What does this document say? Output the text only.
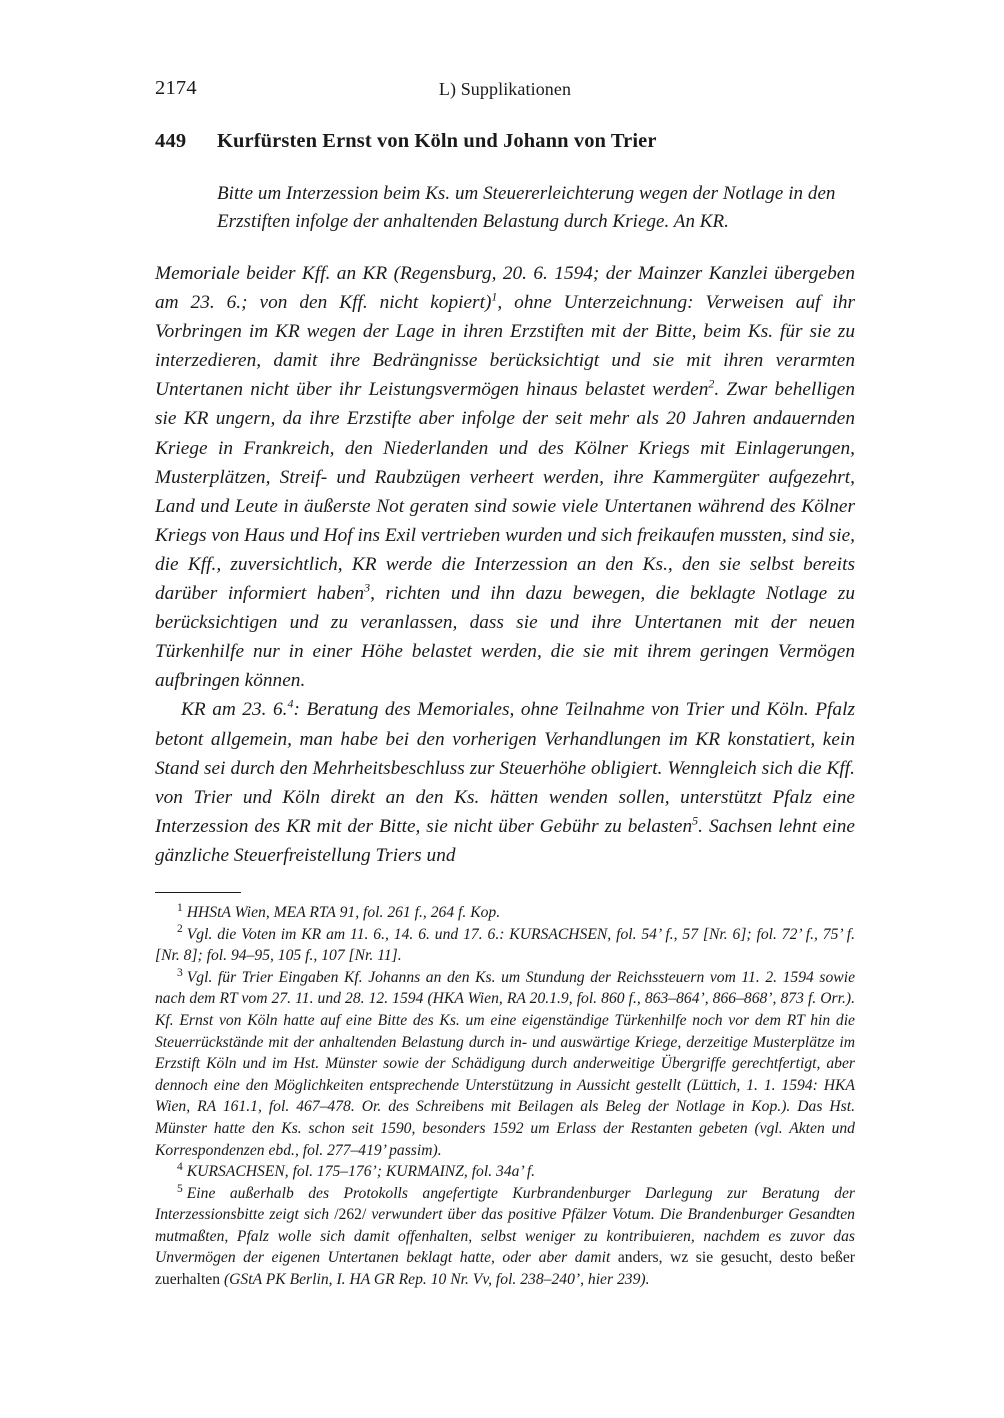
2174	L) Supplikationen
449	Kurfürsten Ernst von Köln und Johann von Trier
Bitte um Interzession beim Ks. um Steuererleichterung wegen der Notlage in den Erzstiften infolge der anhaltenden Belastung durch Kriege. An KR.

Memoriale beider Kff. an KR (Regensburg, 20. 6. 1594; der Mainzer Kanzlei übergeben am 23. 6.; von den Kff. nicht kopiert)$^1$, ohne Unterzeichnung: Verweisen auf ihr Vorbringen im KR wegen der Lage in ihren Erzstiften mit der Bitte, beim Ks. für sie zu interzedieren, damit ihre Bedrängnisse berücksichtigt und sie mit ihren verarmten Untertanen nicht über ihr Leistungsvermögen hinaus belastet werden$^2$. Zwar behelligen sie KR ungern, da ihre Erzstifte aber infolge der seit mehr als 20 Jahren andauernden Kriege in Frankreich, den Niederlanden und des Kölner Kriegs mit Einlagerungen, Musterplätzen, Streif- und Raubzügen verheert werden, ihre Kammergüter aufgezehrt, Land und Leute in äußerste Not geraten sind sowie viele Untertanen während des Kölner Kriegs von Haus und Hof ins Exil vertrieben wurden und sich freikaufen mussten, sind sie, die Kff., zuversichtlich, KR werde die Interzession an den Ks., den sie selbst bereits darüber informiert haben$^3$, richten und ihn dazu bewegen, die beklagte Notlage zu berücksichtigen und zu veranlassen, dass sie und ihre Untertanen mit der neuen Türkenhilfe nur in einer Höhe belastet werden, die sie mit ihrem geringen Vermögen aufbringen können.

KR am 23. 6.$^4$: Beratung des Memoriales, ohne Teilnahme von Trier und Köln. Pfalz betont allgemein, man habe bei den vorherigen Verhandlungen im KR konstatiert, kein Stand sei durch den Mehrheitsbeschluss zur Steuerhöhe obligiert. Wenngleich sich die Kff. von Trier und Köln direkt an den Ks. hätten wenden sollen, unterstützt Pfalz eine Interzession des KR mit der Bitte, sie nicht über Gebühr zu belasten$^5$. Sachsen lehnt eine gänzliche Steuerfreistellung Triers und

$^1$ HHStA Wien, MEA RTA 91, fol. 261 f., 264 f. Kop.

$^2$ Vgl. die Voten im KR am 11. 6., 14. 6. und 17. 6.: KURSACHSEN, fol. 54’ f., 57 [Nr. 6]; fol. 72’ f., 75’ f. [Nr. 8]; fol. 94–95, 105 f., 107 [Nr. 11].

$^3$ Vgl. für Trier Eingaben Kf. Johanns an den Ks. um Stundung der Reichssteuern vom 11. 2. 1594 sowie nach dem RT vom 27. 11. und 28. 12. 1594 (HKA Wien, RA 20.1.9, fol. 860 f., 863–864’, 866–868’, 873 f. Orr.). Kf. Ernst von Köln hatte auf eine Bitte des Ks. um eine eigenständige Türkenhilfe noch vor dem RT hin die Steuerrückstände mit der anhaltenden Belastung durch in- und auswärtige Kriege, derzeitige Musterplätze im Erzstift Köln und im Hst. Münster sowie der Schädigung durch anderweitige Übergriffe gerechtfertigt, aber dennoch eine den Möglichkeiten entsprechende Unterstützung in Aussicht gestellt (Lüttich, 1. 1. 1594: HKA Wien, RA 161.1, fol. 467–478. Or. des Schreibens mit Beilagen als Beleg der Notlage in Kop.). Das Hst. Münster hatte den Ks. schon seit 1590, besonders 1592 um Erlass der Restanten gebeten (vgl. Akten und Korrespondenzen ebd., fol. 277–419’ passim).

$^4$ KURSACHSEN, fol. 175–176’; KURMAINZ, fol. 34a’ f.

$^5$ Eine außerhalb des Protokolls angefertigte Kurbrandenburger Darlegung zur Beratung der Interzessionsbitte zeigt sich /262/ verwundert über das positive Pfälzer Votum. Die Brandenburger Gesandten mutmaßten, Pfalz wolle sich damit offenhalten, selbst weniger zu kontribuieren, nachdem es zuvor das Unvermögen der eigenen Untertanen beklagt hatte, oder aber damit anders, wz sie gesucht, desto beßer zuerhalten (GStA PK Berlin, I. HA GR Rep. 10 Nr. Vv, fol. 238–240’, hier 239).
